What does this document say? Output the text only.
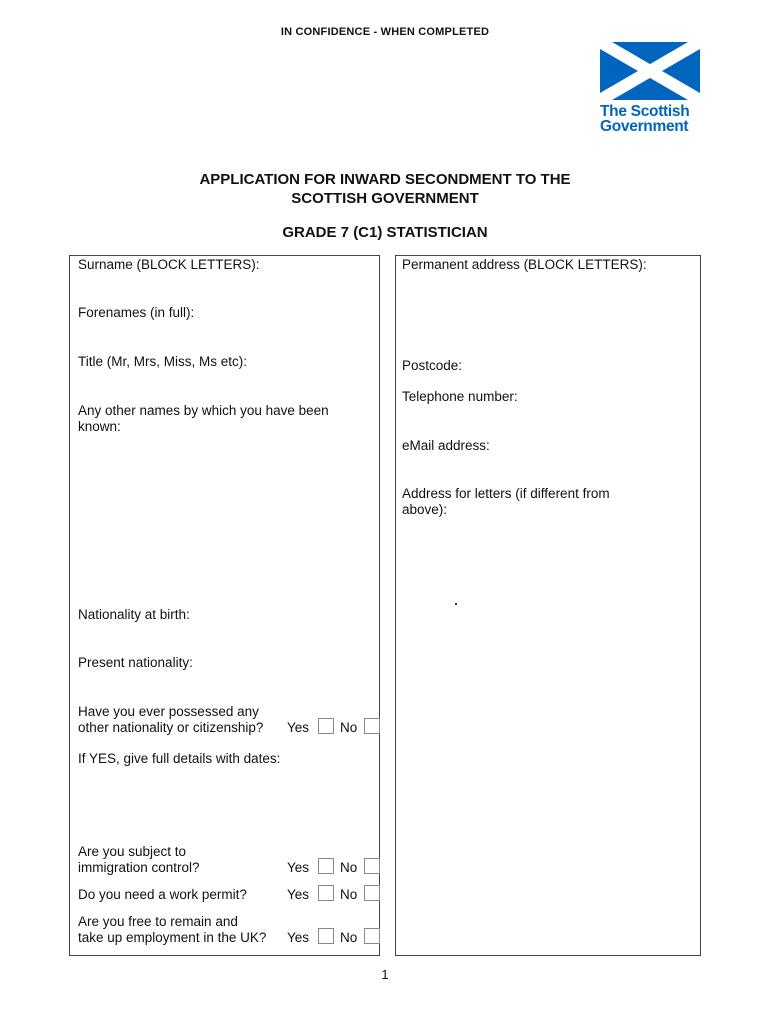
IN CONFIDENCE - WHEN COMPLETED
The Scottish
Government
APPLICATION FOR INWARD SECONDMENT TO THE
SCOTTISH GOVERNMENT
GRADE 7 (C1) STATISTICIAN
Surname (BLOCK LETTERS):
Forenames (in full):
Title (Mr, Mrs, Miss, Ms etc):
Any other names by which you have been
known:
Nationality at birth:
Present nationality:
Have you ever possessed any
other nationality or citizenship? Yes No
If YES, give full details with dates:
Are you subject to
immigration control?	Yes No
Do you need a work permit?	Yes No
Are you free to remain and
take up employment in the UK? Yes No
Permanent address (BLOCK LETTERS):
Postcode:
Telephone number:
eMail address:
Address for letters (if different from
above):
1
